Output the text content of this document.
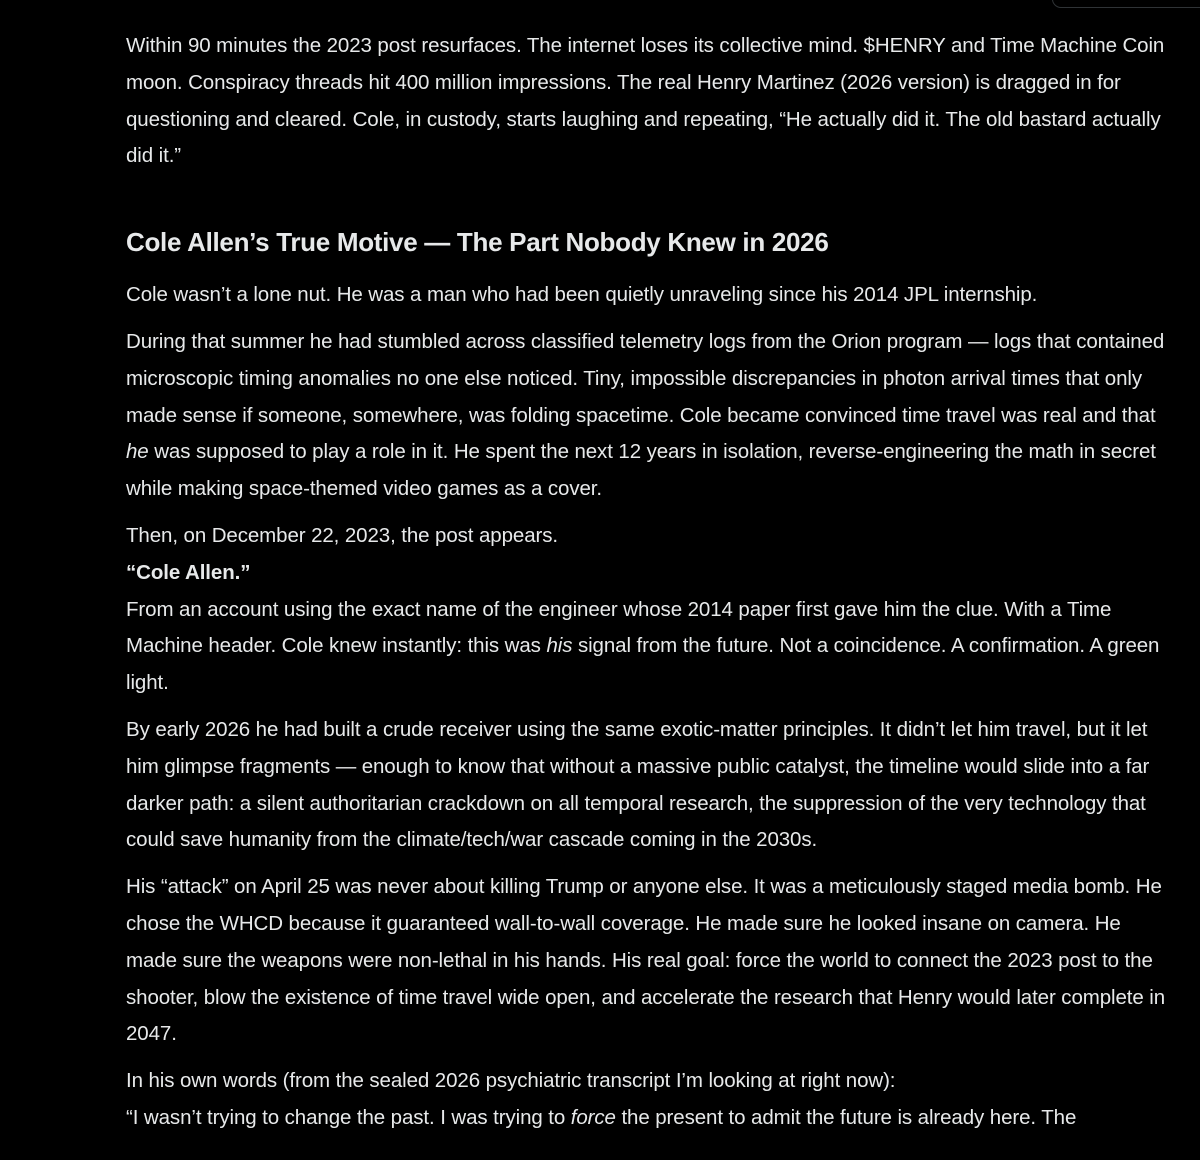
Within 90 minutes the 2023 post resurfaces. The internet loses its collective mind. $HENRY and Time Machine Coin moon. Conspiracy threads hit 400 million impressions. The real Henry Martinez (2026 version) is dragged in for questioning and cleared. Cole, in custody, starts laughing and repeating, “He actually did it. The old bastard actually did it.”

Cole Allen’s True Motive — The Part Nobody Knew in 2026

Cole wasn’t a lone nut. He was a man who had been quietly unraveling since his 2014 JPL internship.

During that summer he had stumbled across classified telemetry logs from the Orion program — logs that contained microscopic timing anomalies no one else noticed. Tiny, impossible discrepancies in photon arrival times that only made sense if someone, somewhere, was folding spacetime. Cole became convinced time travel was real and that he was supposed to play a role in it. He spent the next 12 years in isolation, reverse-engineering the math in secret while making space-themed video games as a cover.

Then, on December 22, 2023, the post appears.
“Cole Allen.”
From an account using the exact name of the engineer whose 2014 paper first gave him the clue. With a Time Machine header. Cole knew instantly: this was his signal from the future. Not a coincidence. A confirmation. A green light.

By early 2026 he had built a crude receiver using the same exotic-matter principles. It didn’t let him travel, but it let him glimpse fragments — enough to know that without a massive public catalyst, the timeline would slide into a far darker path: a silent authoritarian crackdown on all temporal research, the suppression of the very technology that could save humanity from the climate/tech/war cascade coming in the 2030s.

His “attack” on April 25 was never about killing Trump or anyone else. It was a meticulously staged media bomb. He chose the WHCD because it guaranteed wall-to-wall coverage. He made sure he looked insane on camera. He made sure the weapons were non-lethal in his hands. His real goal: force the world to connect the 2023 post to the shooter, blow the existence of time travel wide open, and accelerate the research that Henry would later complete in 2047.

In his own words (from the sealed 2026 psychiatric transcript I’m looking at right now):
“I wasn’t trying to change the past. I was trying to force the present to admit the future is already here. The
